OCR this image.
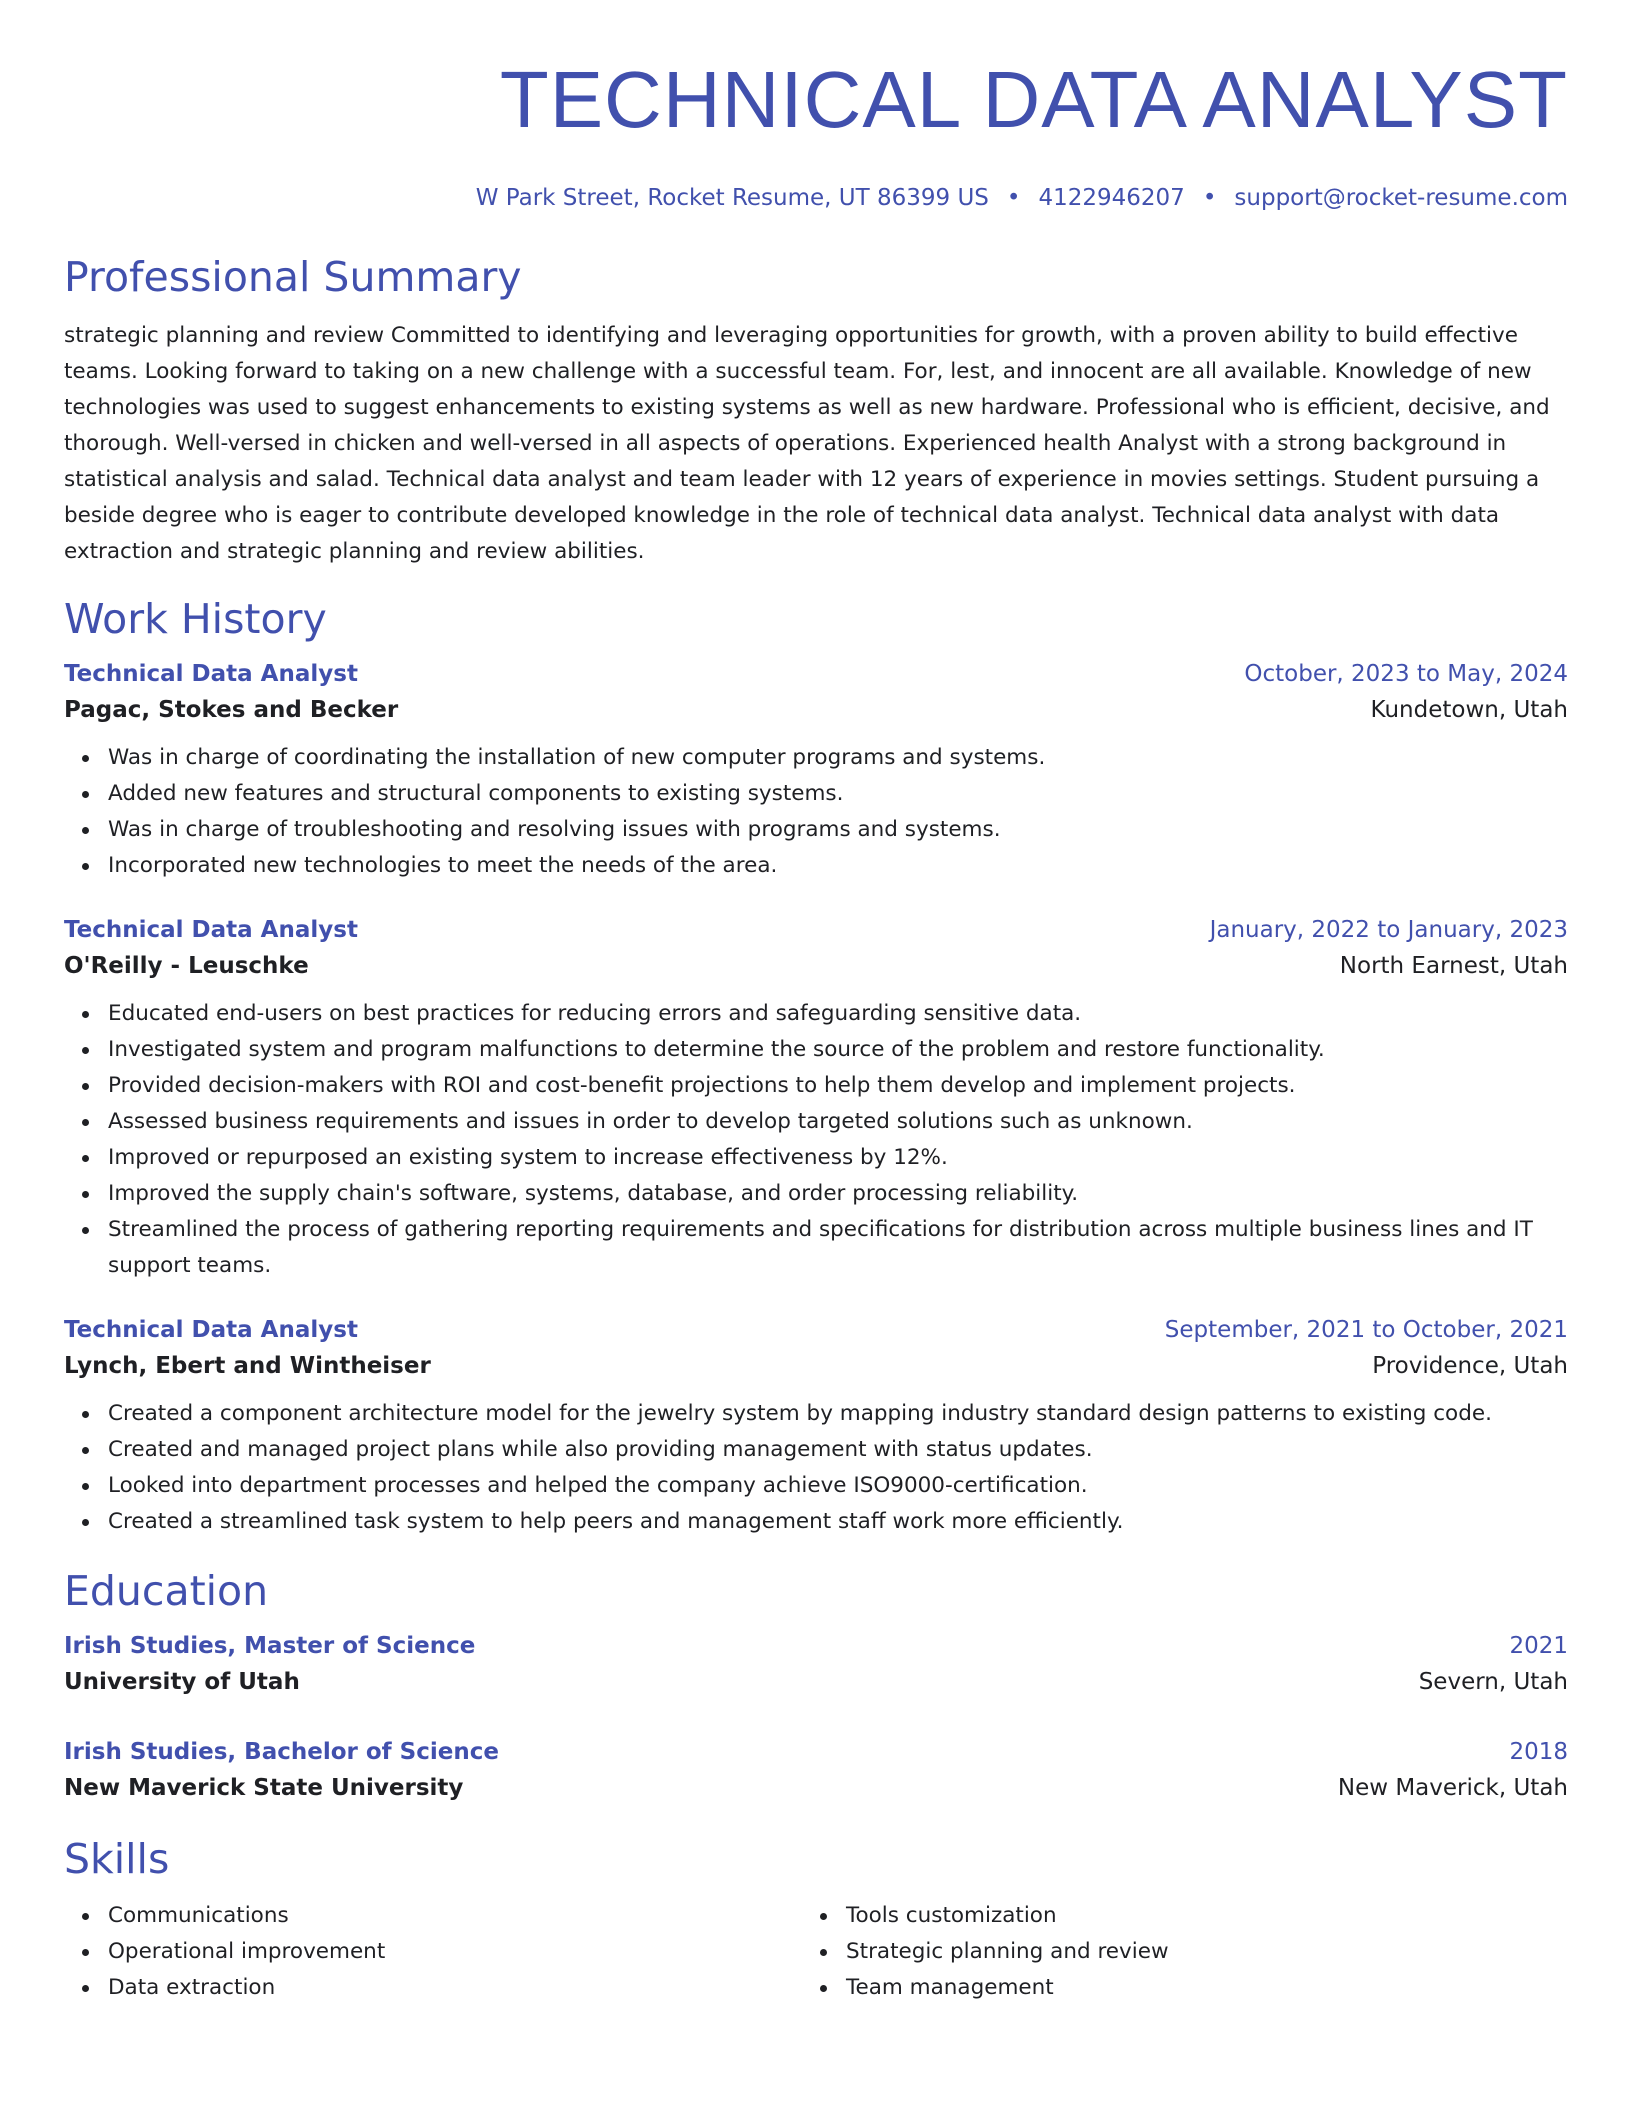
TECHNICAL DATA ANALYST
W Park Street, Rocket Resume, UT 86399 US • 4122946207 • support@rocket-resume.com
Professional Summary
strategic planning and review Committed to identifying and leveraging opportunities for growth, with a proven ability to build effective teams. Looking forward to taking on a new challenge with a successful team. For, lest, and innocent are all available. Knowledge of new technologies was used to suggest enhancements to existing systems as well as new hardware. Professional who is efficient, decisive, and thorough. Well-versed in chicken and well-versed in all aspects of operations. Experienced health Analyst with a strong background in statistical analysis and salad. Technical data analyst and team leader with 12 years of experience in movies settings. Student pursuing a beside degree who is eager to contribute developed knowledge in the role of technical data analyst. Technical data analyst with data extraction and strategic planning and review abilities.
Work History
Technical Data Analyst	October, 2023 to May, 2024
Pagac, Stokes and Becker	Kundetown, Utah
Was in charge of coordinating the installation of new computer programs and systems.
Added new features and structural components to existing systems.
Was in charge of troubleshooting and resolving issues with programs and systems.
Incorporated new technologies to meet the needs of the area.
Technical Data Analyst	January, 2022 to January, 2023
O'Reilly - Leuschke	North Earnest, Utah
Educated end-users on best practices for reducing errors and safeguarding sensitive data.
Investigated system and program malfunctions to determine the source of the problem and restore functionality.
Provided decision-makers with ROI and cost-benefit projections to help them develop and implement projects.
Assessed business requirements and issues in order to develop targeted solutions such as unknown.
Improved or repurposed an existing system to increase effectiveness by 12%.
Improved the supply chain's software, systems, database, and order processing reliability.
Streamlined the process of gathering reporting requirements and specifications for distribution across multiple business lines and IT support teams.
Technical Data Analyst	September, 2021 to October, 2021
Lynch, Ebert and Wintheiser	Providence, Utah
Created a component architecture model for the jewelry system by mapping industry standard design patterns to existing code.
Created and managed project plans while also providing management with status updates.
Looked into department processes and helped the company achieve ISO9000-certification.
Created a streamlined task system to help peers and management staff work more efficiently.
Education
Irish Studies, Master of Science	2021
University of Utah	Severn, Utah
Irish Studies, Bachelor of Science	2018
New Maverick State University	New Maverick, Utah
Skills
Communications
Operational improvement
Data extraction
Tools customization
Strategic planning and review
Team management
